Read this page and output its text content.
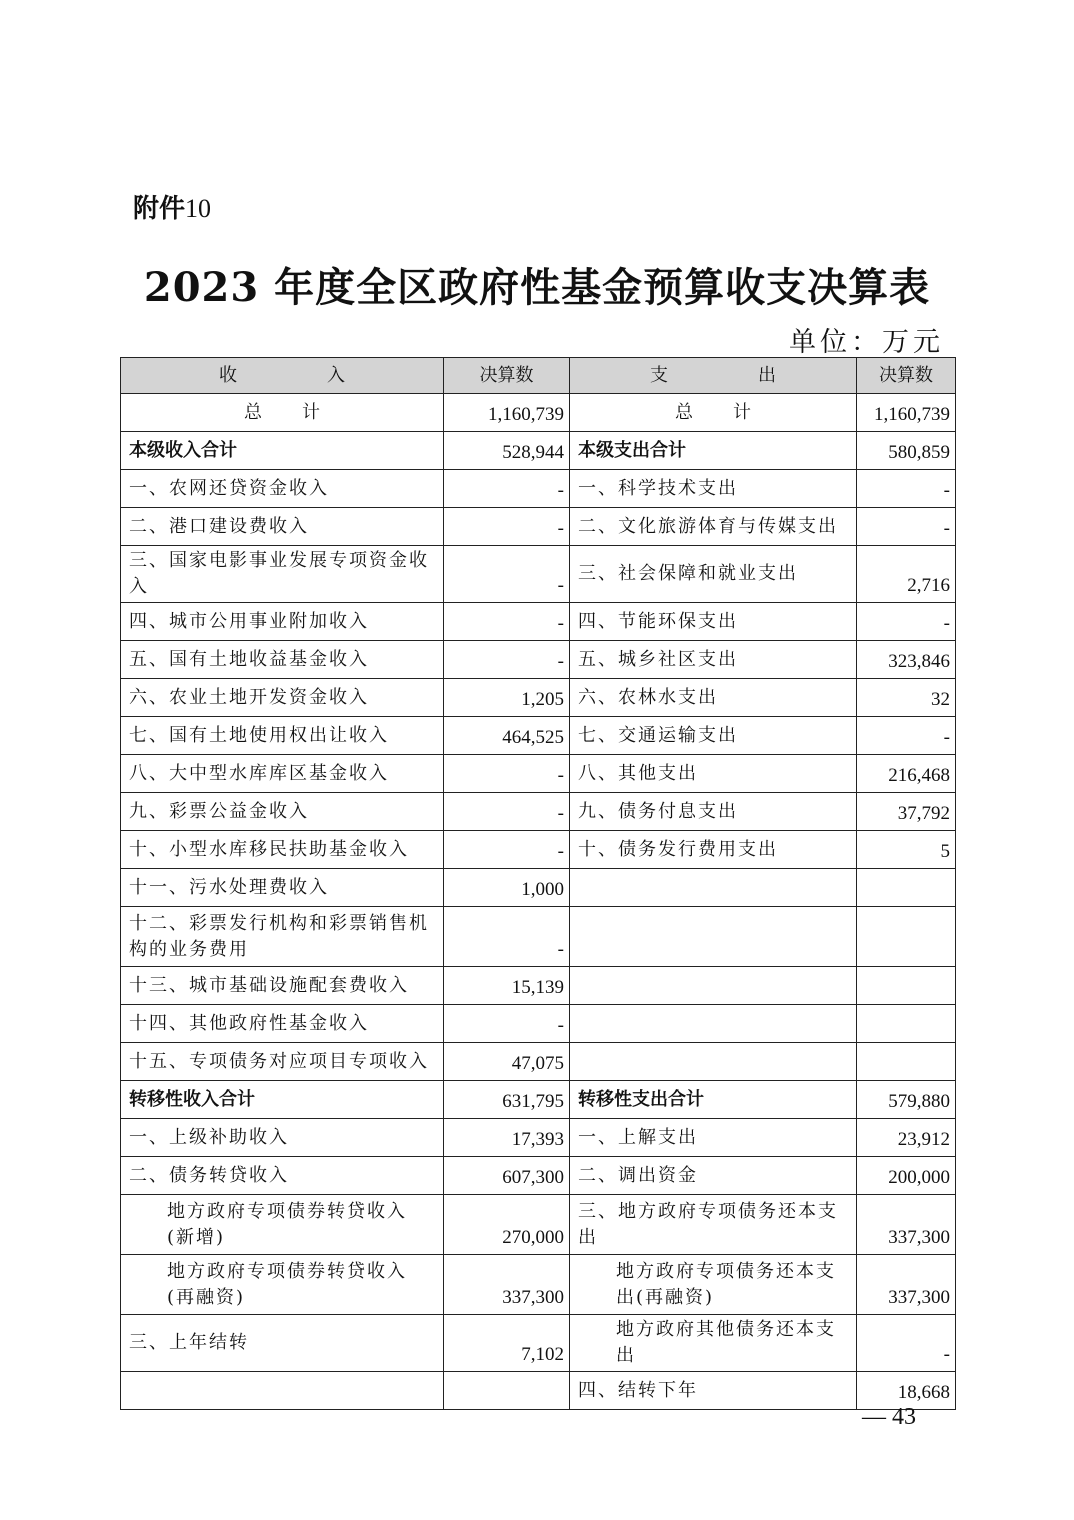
附件10
2023 年度全区政府性基金预算收支决算表
单位：万元
收 入	决算数	支 出	决算数
总 计	1,160,739	总 计	1,160,739
本级收入合计	528,944	本级支出合计	580,859
一、农网还贷资金收入	-	一、科学技术支出	-
二、港口建设费收入	-	二、文化旅游体育与传媒支出	-
三、国家电影事业发展专项资金收入	-	三、社会保障和就业支出	2,716
四、城市公用事业附加收入	-	四、节能环保支出	-
五、国有土地收益基金收入	-	五、城乡社区支出	323,846
六、农业土地开发资金收入	1,205	六、农林水支出	32
七、国有土地使用权出让收入	464,525	七、交通运输支出	-
八、大中型水库库区基金收入	-	八、其他支出	216,468
九、彩票公益金收入	-	九、债务付息支出	37,792
十、小型水库移民扶助基金收入	-	十、债务发行费用支出	5
十一、污水处理费收入	1,000		
十二、彩票发行机构和彩票销售机构的业务费用	-		
十三、城市基础设施配套费收入	15,139		
十四、其他政府性基金收入	-		
十五、专项债务对应项目专项收入	47,075		
转移性收入合计	631,795	转移性支出合计	579,880
一、上级补助收入	17,393	一、上解支出	23,912
二、债务转贷收入	607,300	二、调出资金	200,000
地方政府专项债券转贷收入(新增)	270,000	三、地方政府专项债务还本支出	337,300
地方政府专项债券转贷收入(再融资)	337,300	地方政府专项债务还本支出(再融资)	337,300
三、上年结转	7,102	地方政府其他债务还本支出	-
		四、结转下年	18,668
— 43
